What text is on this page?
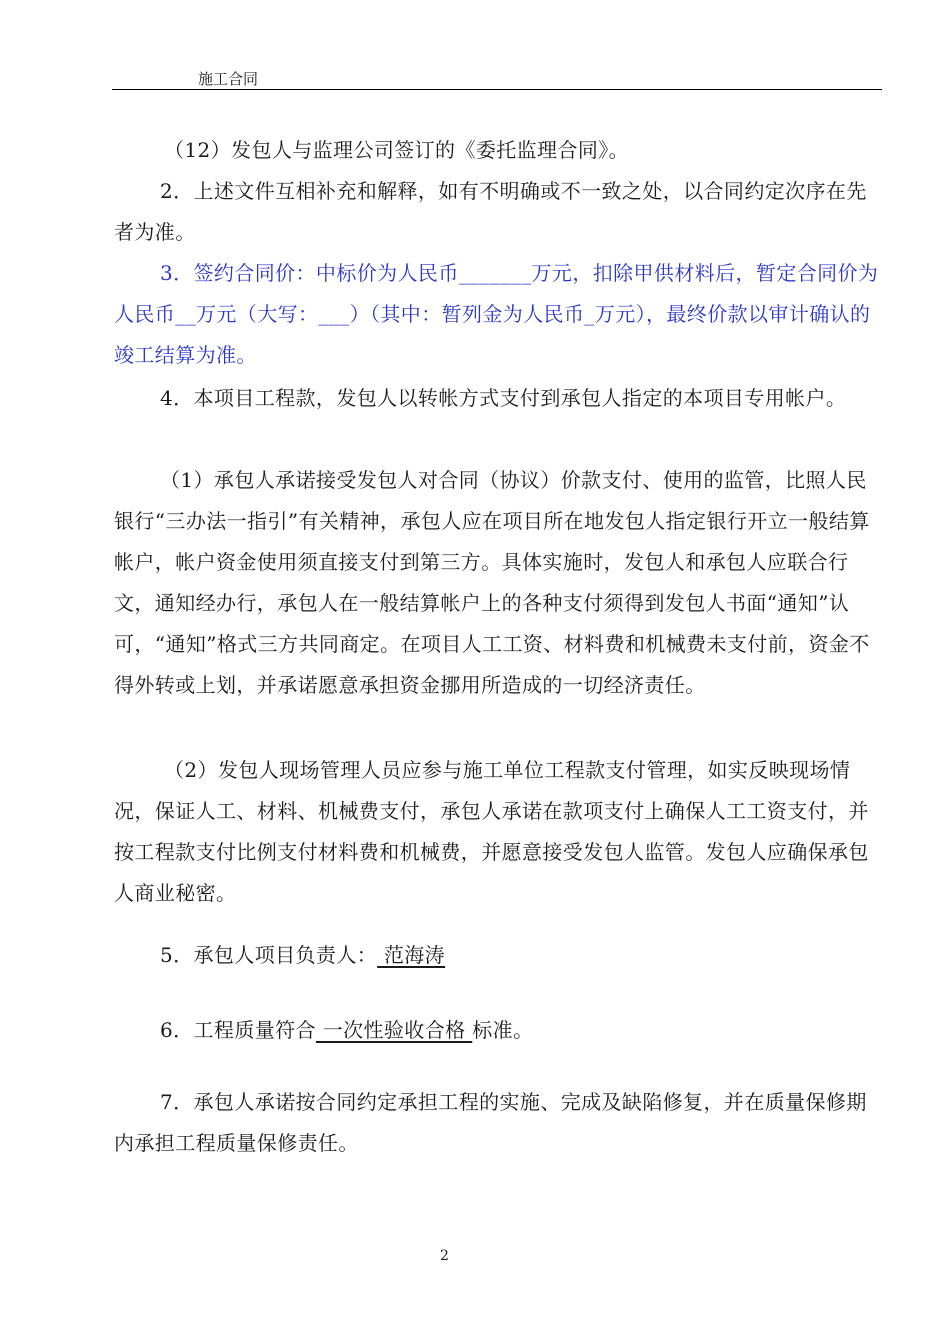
施工合同

（12）发包人与监理公司签订的《委托监理合同》。

2．上述文件互相补充和解释，如有不明确或不一致之处，以合同约定次序在先者为准。

3．签约合同价：中标价为人民币_______万元，扣除甲供材料后，暂定合同价为人民币__万元（大写：___）（其中：暂列金为人民币_万元），最终价款以审计确认的竣工结算为准。

4．本项目工程款，发包人以转帐方式支付到承包人指定的本项目专用帐户。

（1）承包人承诺接受发包人对合同（协议）价款支付、使用的监管，比照人民银行“三办法一指引”有关精神，承包人应在项目所在地发包人指定银行开立一般结算帐户，帐户资金使用须直接支付到第三方。具体实施时，发包人和承包人应联合行文，通知经办行，承包人在一般结算帐户上的各种支付须得到发包人书面“通知”认可，“通知”格式三方共同商定。在项目人工工资、材料费和机械费未支付前，资金不得外转或上划，并承诺愿意承担资金挪用所造成的一切经济责任。

（2）发包人现场管理人员应参与施工单位工程款支付管理，如实反映现场情况，保证人工、材料、机械费支付，承包人承诺在款项支付上确保人工工资支付，并按工程款支付比例支付材料费和机械费，并愿意接受发包人监管。发包人应确保承包人商业秘密。

5．承包人项目负责人： 范海涛

6．工程质量符合 一次性验收合格 标准。

7．承包人承诺按合同约定承担工程的实施、完成及缺陷修复，并在质量保修期内承担工程质量保修责任。

2
